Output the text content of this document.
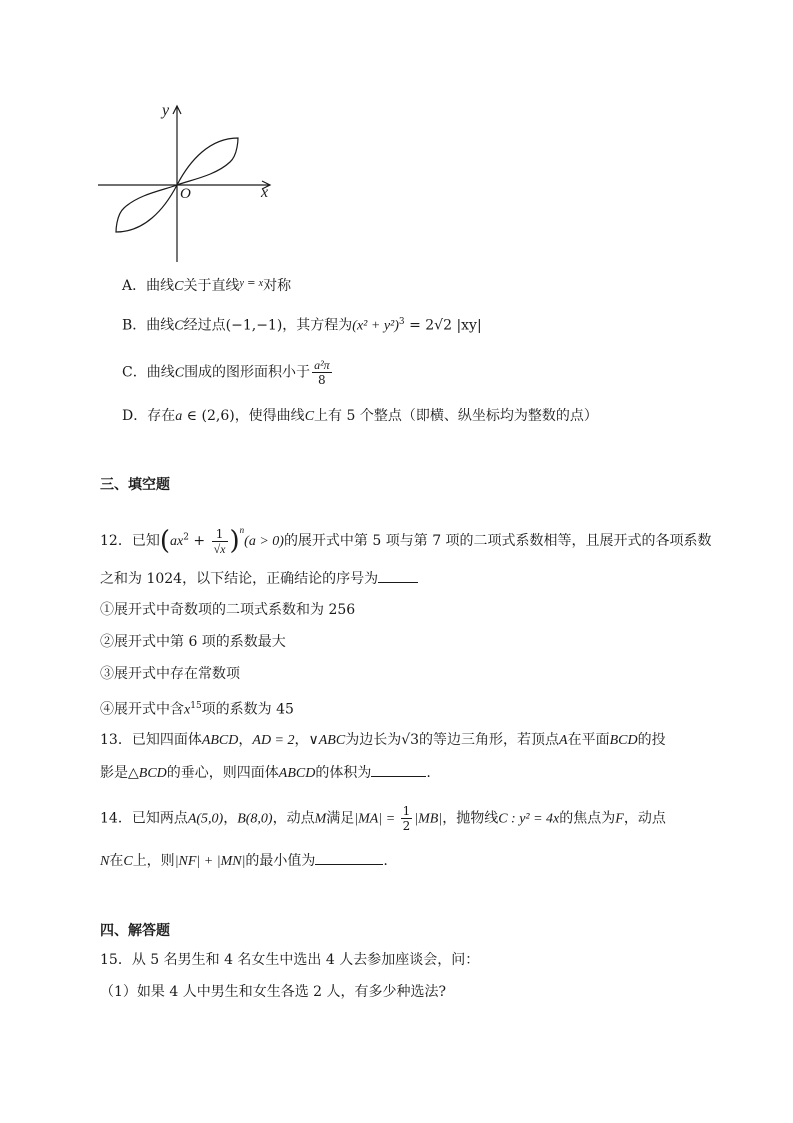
y
x
O
A．曲线C关于直线$^y$ = $^x$对称
B．曲线C经过点(−1,−1)，其方程为$(x^2 + y^2)^3 = 2√2$ |xy|
C．曲线C围成的图形面积小于 $\frac{\text{a²π}}{8}$
D．存在a ∈ (2,6)，使得曲线C上有 5 个整点（即横、纵坐标均为整数的点）
三、填空题
12．已知$(ax^2 + \frac{1}{√x} )^n(a > 0)$的展开式中第 5 项与第 7 项的二项式系数相等，且展开式的各项系数
之和为 1024，以下结论，正确结论的序号为
①展开式中奇数项的二项式系数和为 256
②展开式中第 6 项的系数最大
③展开式中存在常数项
④展开式中含$x^{15}$项的系数为 45
13．已知四面体ABCD，AD = 2，∨ABC为边长为√3的等边三角形，若顶点A在平面BCD的投
影是△BCD的垂心，则四面体ABCD的体积为	.
14．已知两点A(5,0)，B(8,0)，动点M满足$|MA| = \frac{1}{2} |MB|$，抛物线C : y² = 4x的焦点为F，动点
N在C上，则|NF| + |MN|的最小值为	.
四、解答题
15．从 5 名男生和 4 名女生中选出 4 人去参加座谈会，问：
（1）如果 4 人中男生和女生各选 2 人，有多少种选法?
